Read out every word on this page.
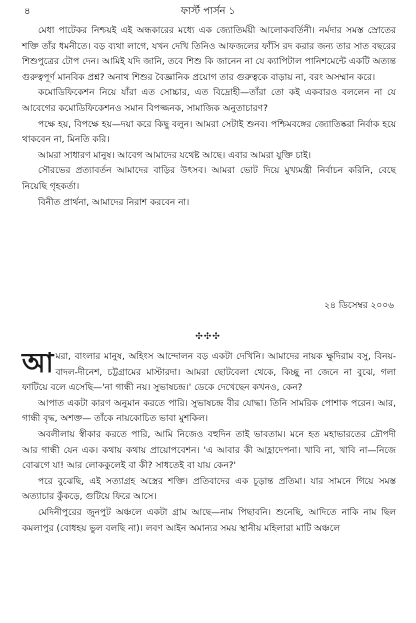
৪	ফার্স্ট পার্সন ১

মেধা পাটেকর নিশ্চয়ই এই অন্ধকারের মধ্যে এক জ্যোতির্ময়ী আলোকবর্তিনী। নর্মদার সমস্ত স্রোতের শক্তি তাঁর ধমনীতে। বড় ব্যথা লাগে, যখন দেখি তিনিও আফজলের ফাঁসি রদ করার জন্য তার সাত বছরের শিশুপুত্রের টোপ দেন। আমিই যদি জানি, তবে শিশু কি জানেন না যে ক্যাপিটাল পানিশমেন্টে একটি অত্যন্ত গুরুত্বপূর্ণ মানবিক প্রশ্ন? অনাথ শিশুর বৈজ্ঞানিক প্রয়োগ তার গুরুত্বকে বাড়ায় না, বরং অসম্মান করে।

কমোডিফিকেশন নিয়ে যাঁরা এত সোচ্চার, এত বিদ্রোহী—তাঁরা তো কই একবারও বললেন না যে আবেগের কমোডিফিকেশনও সমান বিপজ্জনক, সামাজিক অনুতাচারণ?

পক্ষে হয়, বিপক্ষে হয়—দয়া করে কিছু বলুন। আমরা সেটাই শুনব। পশ্চিমবঙ্গের জ্যোতিষ্করা নির্বাক হয়ে থাকবেন না, মিনতি করি।

আমরা সাধারণ মানুষ। আবেগ আমাদের যথেষ্ট আছে। এবার আমরা যুক্তি চাই।

সৌরভের প্রত্যাবর্তন আমাদের বাড়ির উৎসব। আমরা ভোট দিয়ে মুখ্যমন্ত্রী নির্বাচন করিনি, বেছে নিয়েছি গৃহকর্তা।

বিনীত প্রার্থনা, আমাদের নিরাশ করবেন না।

২৪ ডিসেম্বর ২০০৬
✣✣✣

আমরা, বাংলার মানুষ, অহিংস আন্দোলন বড় একটা দেখিনি। আমাদের নায়ক ক্ষুদিরাম বসু, বিনয়-বাদল-দীনেশ, চট্টগ্রামের মাস্টারদা। আমরা ছোটবেলা থেকে, কিচ্ছু না জেনে না বুঝে, গলা ফাটিয়ে বলে এসেছি—'না গান্ধী নয়। সুভাষচন্দ্র।' ডেকে দেখেছেন কখনও, কেন?

আপাত একটা কারণ অনুমান করতে পারি। সুভাষচন্দ্র বীর যোদ্ধা। তিনি সামরিক পোশাক পরেন। আর, গান্ধী বৃদ্ধ, অশক্ত— তাঁকে নায়কোচিত ভাবা মুশকিল।

অবলীলায় স্বীকার করতে পারি, আমি নিজেও বহুদিন তাই ভাবতাম। মনে হত মহাভারতের দ্রৌপদী আর গান্ধী যেন এক। কথায় কথায় প্রায়োপবেশন। 'এ আবার কী আহ্লাদেপনা। খাবি না, খাবি না—নিজে বোঝগে যা! আর লোককুলেই বা কী? সাধতেই বা যায় কেন?'

পরে বুঝেছি, এই সত্যাগ্রহ অস্ত্রের শক্তি। প্রতিবাদের এক চূড়ান্ত প্রতিমা। যার সামনে গিয়ে সমস্ত অত্যাচার কুঁকড়ে, গুটিয়ে ফিরে আসে।

মেদিনীপুরের জুনপুট অঞ্চলে একটা গ্রাম আছে—নাম পিছাবনি। শুনেছি, আদিতে নাকি নাম ছিল কমলাপুর (বোধহয় ভুল বলছি না)। লবণ আইন অমান্যর সময় স্থানীয় মহিলারা মাটি অঞ্চলে
